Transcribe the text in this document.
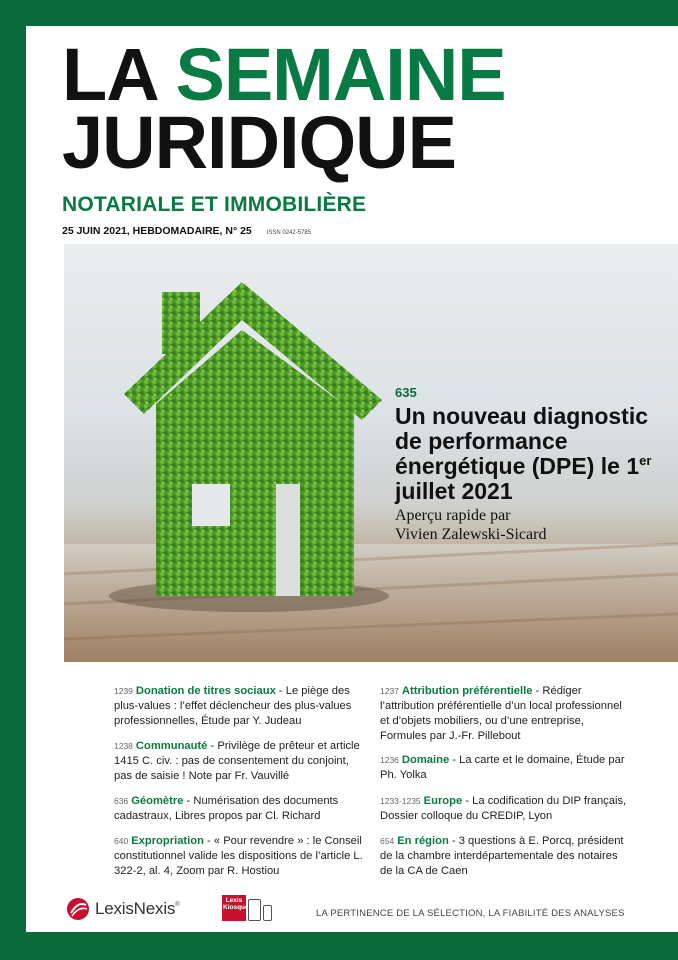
LA SEMAINE
JURIDIQUE
NOTARIALE ET IMMOBILIÈRE
25 JUIN 2021, HEBDOMADAIRE, N° 25 ISSN 0242-5785
635
Un nouveau diagnostic de performance énergétique (DPE) le 1er juillet 2021
Aperçu rapide par
Vivien Zalewski-Sicard
1239 Donation de titres sociaux - Le piège des plus-values : l’effet déclencheur des plus-values professionnelles, Étude par Y. Judeau
1238 Communauté - Privilège de prêteur et article 1415 C. civ. : pas de consentement du conjoint, pas de saisie ! Note par Fr. Vauvillé
636 Géomètre - Numérisation des documents cadastraux, Libres propos par Cl. Richard
640 Expropriation - « Pour revendre » : le Conseil constitutionnel valide les dispositions de l’article L. 322-2, al. 4, Zoom par R. Hostiou
1237 Attribution préférentielle - Rédiger l’attribution préférentielle d’un local professionnel et d’objets mobiliers, ou d’une entreprise, Formules par J.-Fr. Pillebout
1236 Domaine - La carte et le domaine, Étude par Ph. Yolka
1233-1235 Europe - La codification du DIP français, Dossier colloque du CREDIP, Lyon
654 En région - 3 questions à E. Porcq, président de la chambre interdépartementale des notaires de la CA de Caen
LexisNexis®
Lexis
Kiosque
LA PERTINENCE DE LA SÉLECTION, LA FIABILITÉ DES ANALYSES
